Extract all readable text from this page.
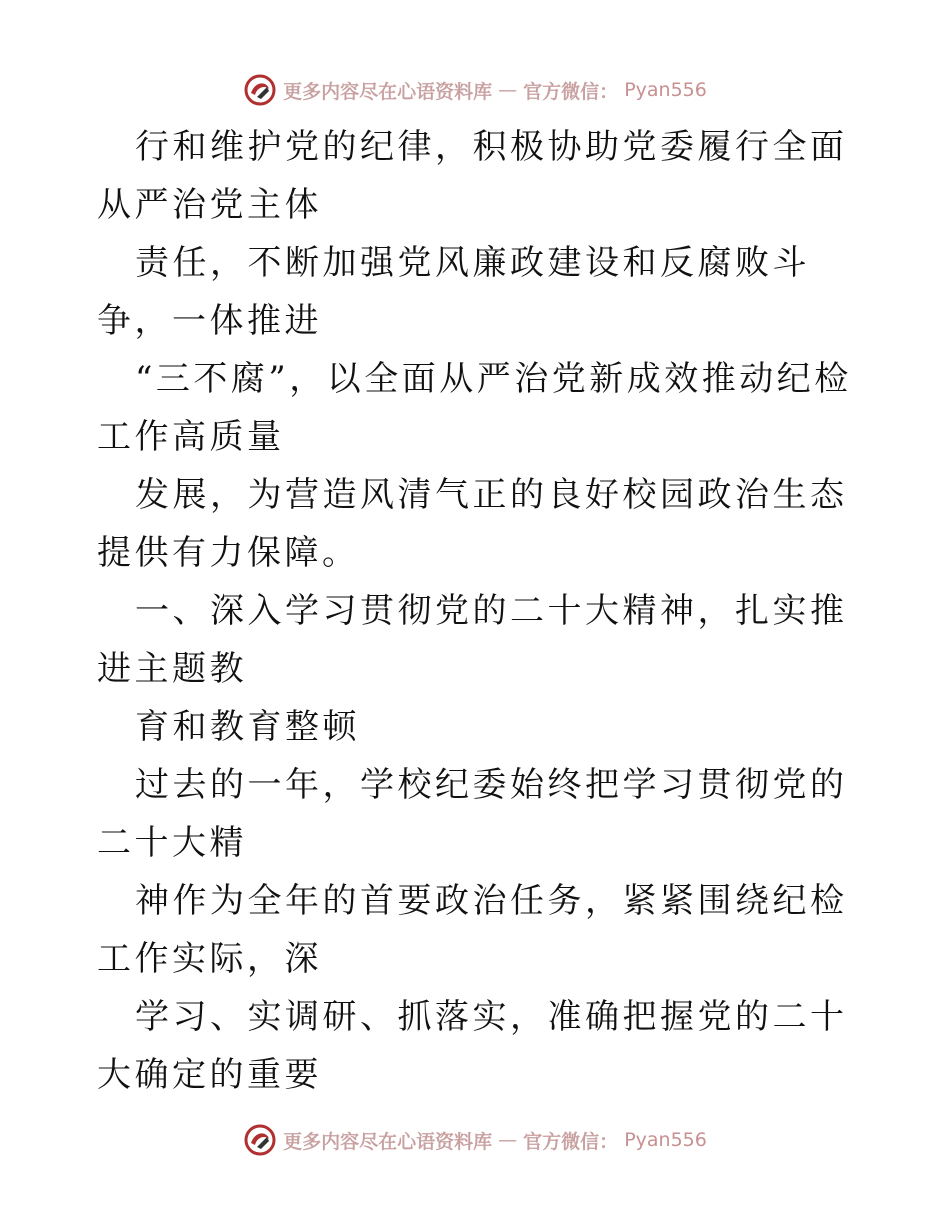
更多内容尽在心语资料库 — 官方微信： Pyan556

行和维护党的纪律，积极协助党委履行全面从严治党主体

责任，不断加强党风廉政建设和反腐败斗争，一体推进

“三不腐”，以全面从严治党新成效推动纪检工作高质量

发展，为营造风清气正的良好校园政治生态提供有力保障。

一、深入学习贯彻党的二十大精神，扎实推进主题教

育和教育整顿

过去的一年，学校纪委始终把学习贯彻党的二十大精

神作为全年的首要政治任务，紧紧围绕纪检工作实际，深

学习、实调研、抓落实，准确把握党的二十大确定的重要

更多内容尽在心语资料库 — 官方微信： Pyan556
